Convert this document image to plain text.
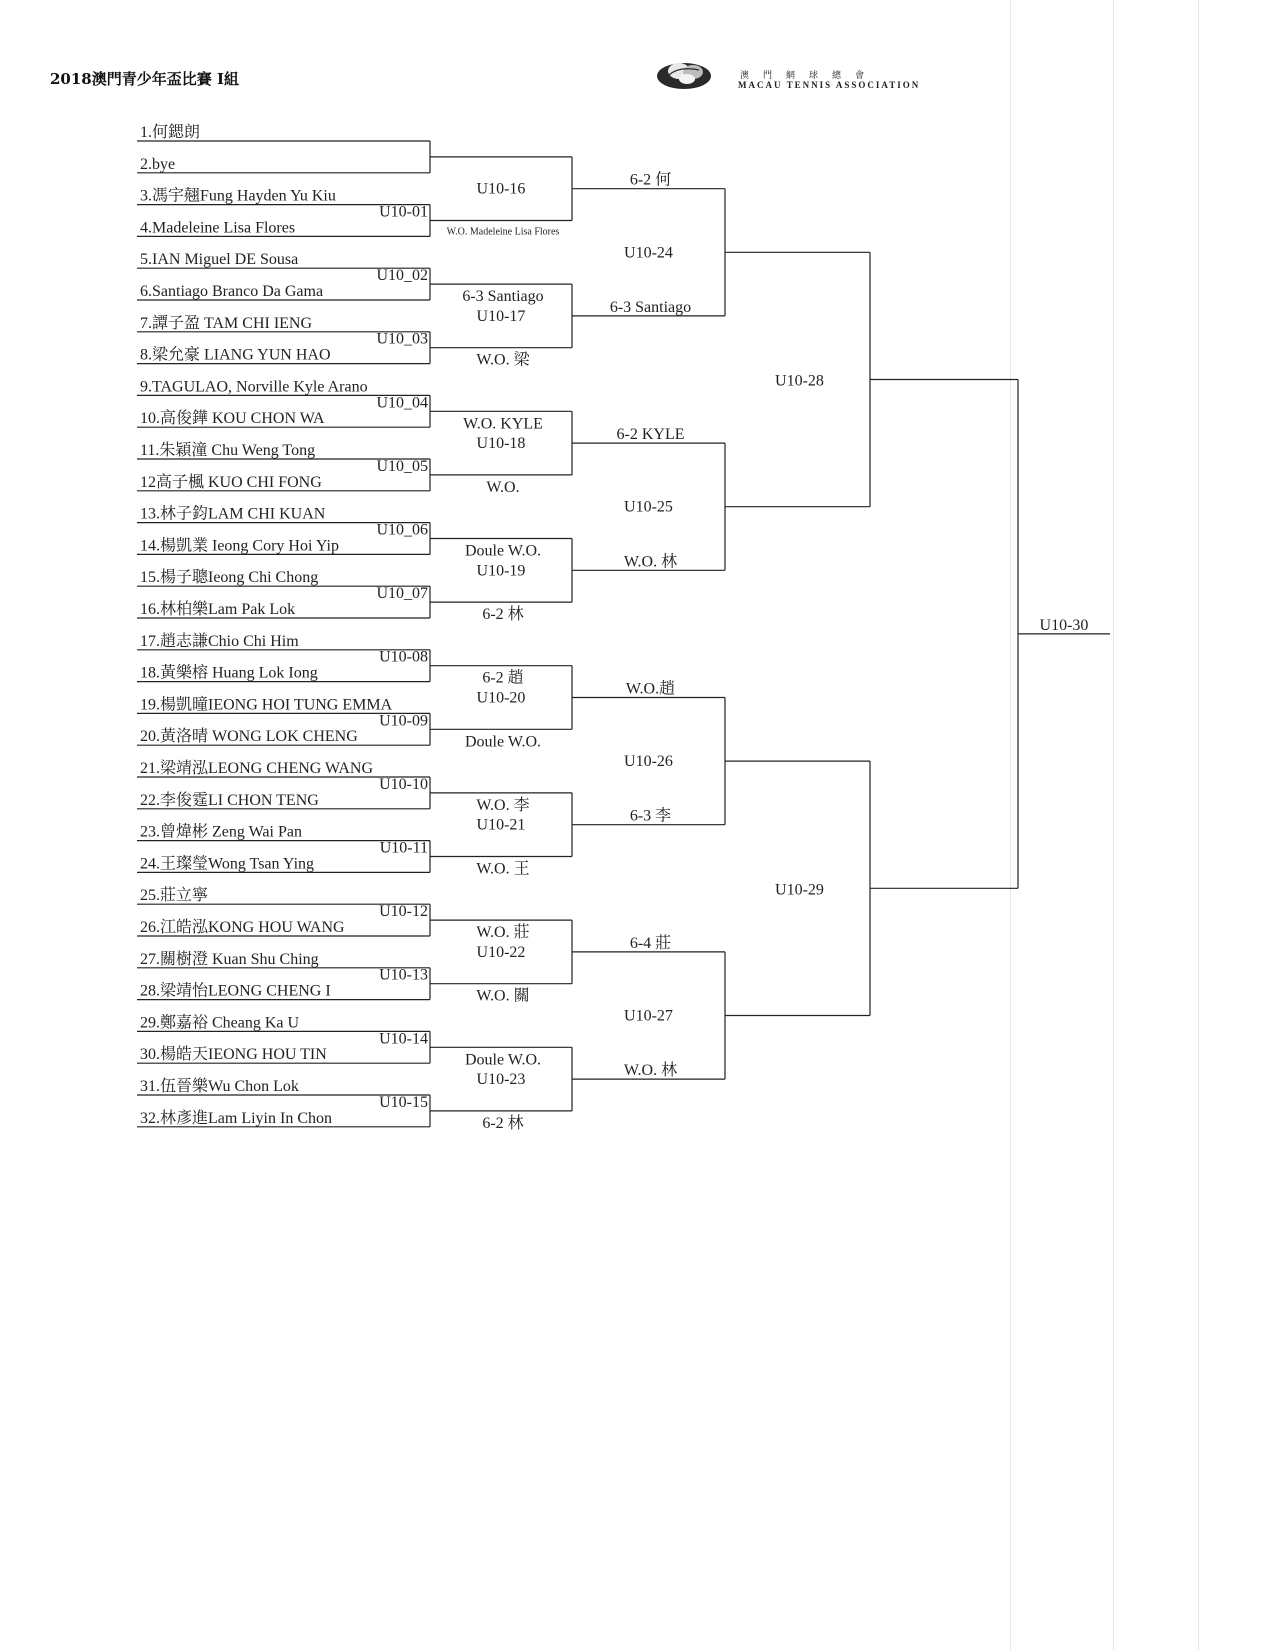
2018澳門青少年盃比賽 I組	澳門網球總會
MACAU TENNIS ASSOCIATION
1.何鍶朗
2.bye
3.馮宇翹Fung Hayden Yu Kiu
4.Madeleine Lisa Flores
5.IAN Miguel DE Sousa
6.Santiago Branco Da Gama
7.譚子盈 TAM CHI IENG
8.梁允豪 LIANG YUN HAO
9.TAGULAO, Norville Kyle Arano
10.高俊鏵 KOU CHON WA
11.朱穎潼 Chu Weng Tong
12高子楓 KUO CHI FONG
13.林子鈞LAM CHI KUAN
14.楊凱業 Ieong Cory Hoi Yip
15.楊子聰Ieong Chi Chong
16.林柏樂Lam Pak Lok
17.趙志謙Chio Chi Him
18.黃樂榕 Huang Lok Iong
19.楊凱曈IEONG HOI TUNG EMMA
20.黃洛晴 WONG LOK CHENG
21.梁靖泓LEONG CHENG WANG
22.李俊霆LI CHON TENG
23.曾煒彬 Zeng Wai Pan
24.王璨瑩Wong Tsan Ying
25.莊立寧
26.江皓泓KONG HOU WANG
27.關樹澄 Kuan Shu Ching
28.梁靖怡LEONG CHENG I
29.鄭嘉裕 Cheang Ka U
30.楊皓天IEONG HOU TIN
31.伍晉樂Wu Chon Lok
32.林彥進Lam Liyin In Chon
U10-01
W.O. Madeleine Lisa Flores
U10_02
6-3 Santiago
U10_03
W.O. 梁
U10_04
W.O. KYLE
U10_05
W.O.
U10_06
Doule W.O.
U10_07
6-2 林
U10-08
6-2 趙
U10-09
Doule W.O.
U10-10
W.O. 李
U10-11
W.O. 王
U10-12
W.O. 莊
U10-13
W.O. 關
U10-14
Doule W.O.
U10-15
6-2 林
U10-16
U10-17
U10-18
U10-19
U10-20
U10-21
U10-22
U10-23
6-2 何
6-3 Santiago
U10-24
6-2 KYLE
W.O. 林
U10-25
W.O.趙
6-3 李
U10-26
6-4 莊
W.O. 林
U10-27
U10-28
U10-29
U10-30
